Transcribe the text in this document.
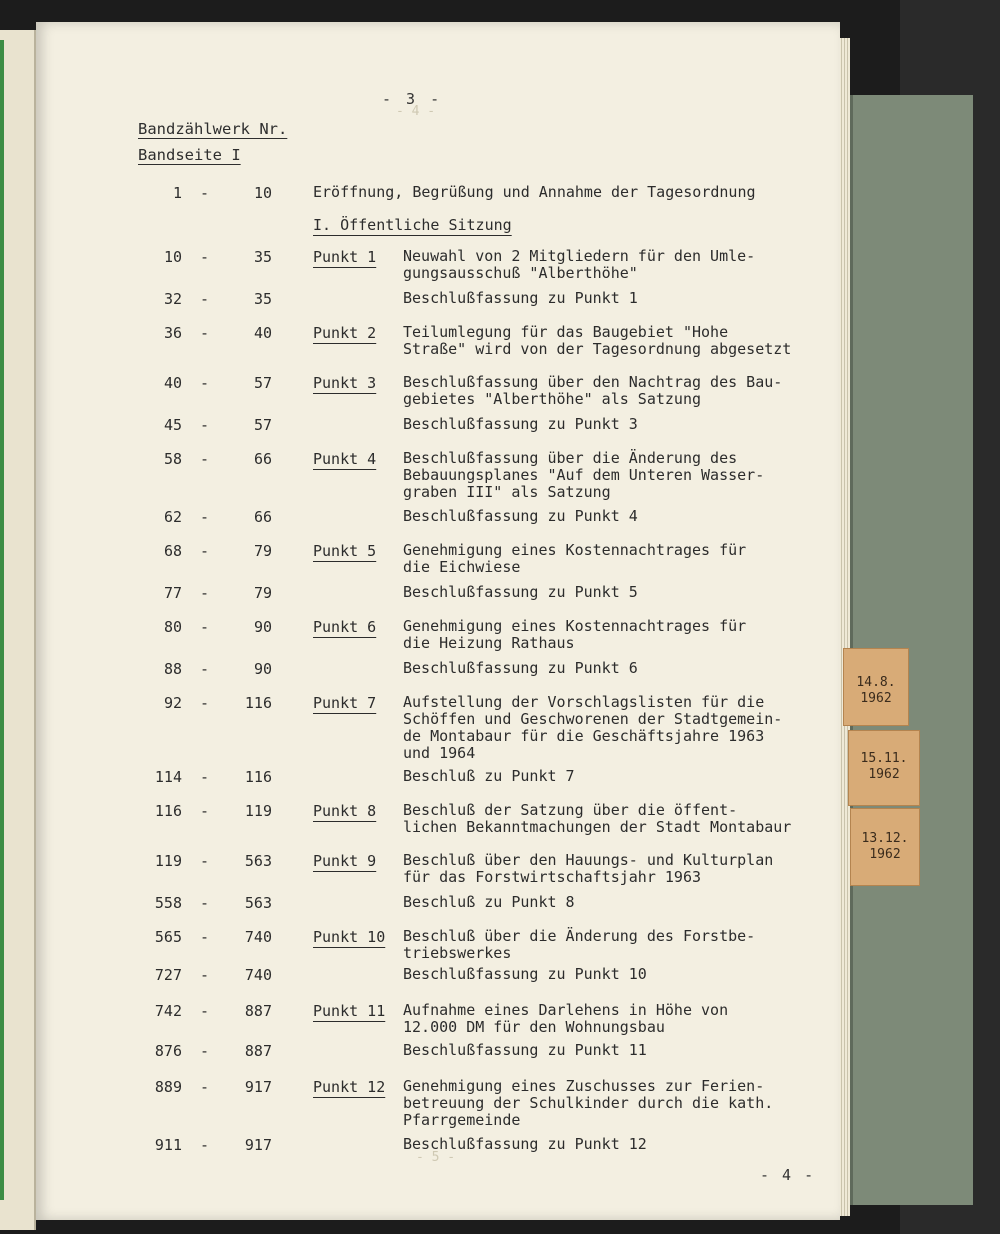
- 4 -
- 5 -
- 3 -
Bandzählwerk Nr.
Bandseite I
1 -	10	Eröffnung, Begrüßung und Annahme der Tagesordnung
I. Öffentliche Sitzung
10 -	35	Punkt 1 Neuwahl von 2 Mitgliedern für den Umle-
gungsausschuß "Alberthöhe"
32 -	35	Beschlußfassung zu Punkt 1
36 -	40	Punkt 2 Teilumlegung für das Baugebiet "Hohe
Straße" wird von der Tagesordnung abgesetzt
40 -	57	Punkt 3 Beschlußfassung über den Nachtrag des Bau-
gebietes "Alberthöhe" als Satzung
45 -	57	Beschlußfassung zu Punkt 3
58 -	66	Punkt 4 Beschlußfassung über die Änderung des
Bebauungsplanes "Auf dem Unteren Wasser-
graben III" als Satzung
62 -	66	Beschlußfassung zu Punkt 4
68 -	79	Punkt 5 Genehmigung eines Kostennachtrages für
die Eichwiese
77 -	79	Beschlußfassung zu Punkt 5
80 -	90	Punkt 6 Genehmigung eines Kostennachtrages für
die Heizung Rathaus
88 -	90	Beschlußfassung zu Punkt 6
92 -	116	Punkt 7 Aufstellung der Vorschlagslisten für die
Schöffen und Geschworenen der Stadtgemein-
de Montabaur für die Geschäftsjahre 1963
und 1964
114 -	116	Beschluß zu Punkt 7
116 -	119	Punkt 8 Beschluß der Satzung über die öffent-
lichen Bekanntmachungen der Stadt Montabaur
119 -	563	Punkt 9 Beschluß über den Hauungs- und Kulturplan
für das Forstwirtschaftsjahr 1963
558 -	563	Beschluß zu Punkt 8
565 -	740	Punkt 10 Beschluß über die Änderung des Forstbe-
triebswerkes
727 -	740	Beschlußfassung zu Punkt 10
742 -	887	Punkt 11 Aufnahme eines Darlehens in Höhe von
12.000 DM für den Wohnungsbau
876 -	887	Beschlußfassung zu Punkt 11
889 -	917	Punkt 12 Genehmigung eines Zuschusses zur Ferien-
betreuung der Schulkinder durch die kath.
Pfarrgemeinde
911 -	917	Beschlußfassung zu Punkt 12
- 4 -
14.8.
1962
15.11.
1962
13.12.
1962
